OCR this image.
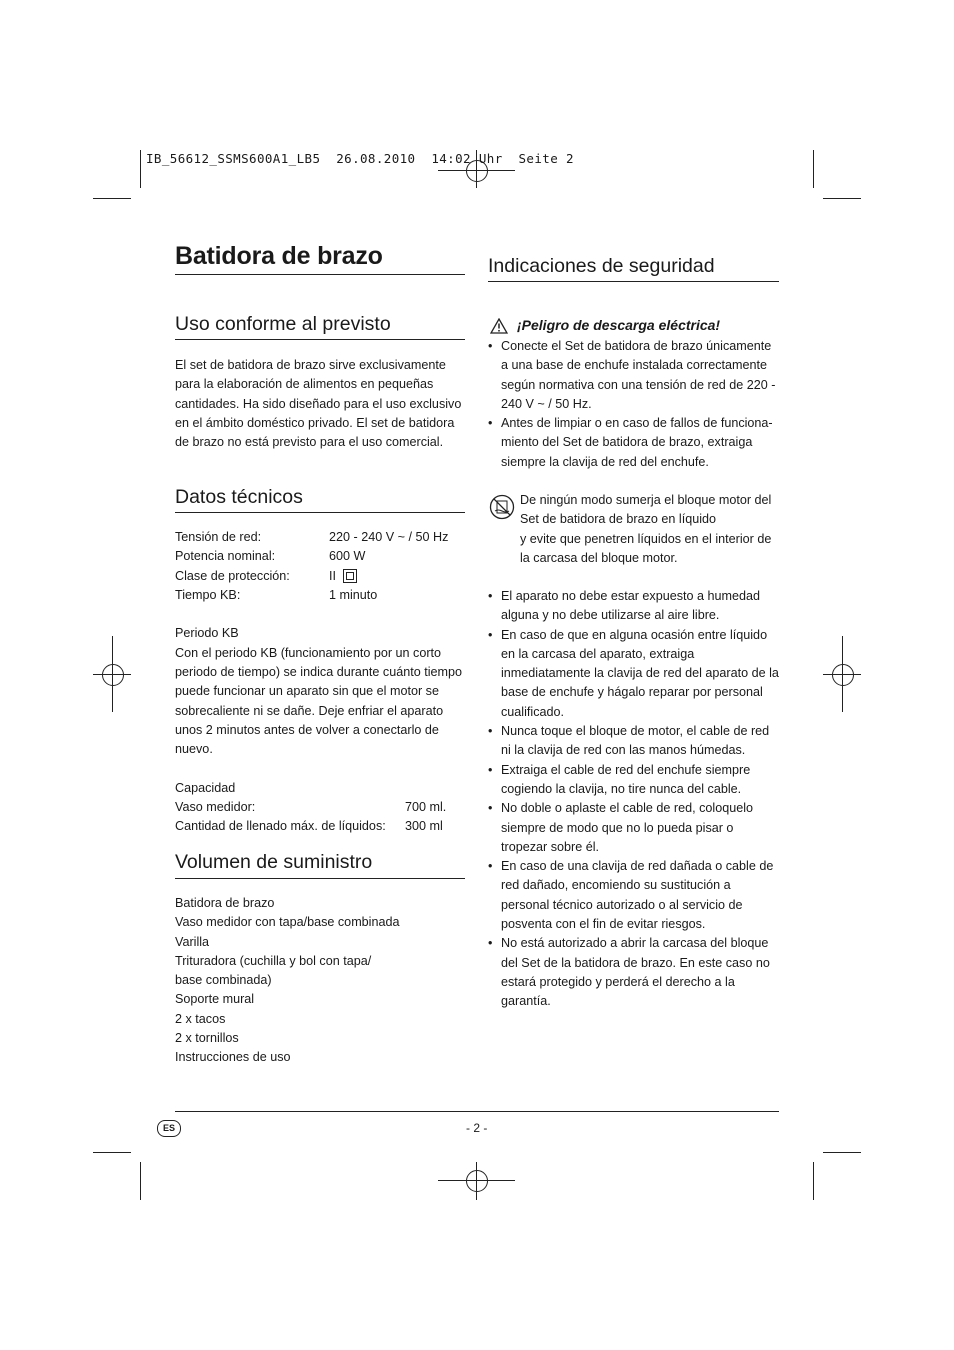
IB_56612_SSMS600A1_LB5  26.08.2010  14:02 Uhr  Seite 2
Batidora de brazo
Uso conforme al previsto

El set de batidora de brazo sirve exclusivamente para la elaboración de alimentos en pequeñas cantidades. Ha sido diseñado para el uso exclusivo en el ámbito doméstico privado. El set de batidora de brazo no está previsto para el uso comercial.

Datos técnicos
Tensión de red:	220 - 240 V ~ / 50 Hz
Potencia nominal:	600 W
Clase de protección:	II
Tiempo KB:	1 minuto

Periodo KB

Con el periodo KB (funcionamiento por un corto periodo de tiempo) se indica durante cuánto tiempo puede funcionar un aparato sin que el motor se sobrecaliente ni se dañe. Deje enfriar el aparato unos 2 minutos antes de volver a conectarlo de nuevo.

Capacidad

Vaso medidor:	700 ml.
Cantidad de llenado máx. de líquidos: 300 ml
Volumen de suministro

Batidora de brazo

Vaso medidor con tapa/base combinada

Varilla

Trituradora (cuchilla y bol con tapa/

base combinada)

Soporte mural

2 x tacos

2 x tornillos

Instrucciones de uso

Indicaciones de seguridad
¡Peligro de descarga eléctrica!
• Conecte el Set de batidora de brazo únicamente a una base de enchufe instalada correctamente según normativa con una tensión de red de 220 - 240 V ~ / 50 Hz.
• Antes de limpiar o en caso de fallos de funciona-miento del Set de batidora de brazo, extraiga siempre la clavija de red del enchufe.

De ningún modo sumerja el bloque motor del Set de batidora de brazo en líquido

y evite que penetren líquidos en el interior de la carcasa del bloque motor.

• El aparato no debe estar expuesto a humedad alguna y no debe utilizarse al aire libre.
• En caso de que en alguna ocasión entre líquido en la carcasa del aparato, extraiga inmediatamente la clavija de red del aparato de la base de enchufe y hágalo reparar por personal cualificado.
• Nunca toque el bloque de motor, el cable de red ni la clavija de red con las manos húmedas.
• Extraiga el cable de red del enchufe siempre cogiendo la clavija, no tire nunca del cable.
• No doble o aplaste el cable de red, coloquelo siempre de modo que no lo pueda pisar o tropezar sobre él.
• En caso de una clavija de red dañada o cable de red dañado, encomiendo su sustitución a personal técnico autorizado o al servicio de posventa con el fin de evitar riesgos.
• No está autorizado a abrir la carcasa del bloque del Set de la batidora de brazo. En este caso no estará protegido y perderá el derecho a la garantía.
ES	- 2 -
